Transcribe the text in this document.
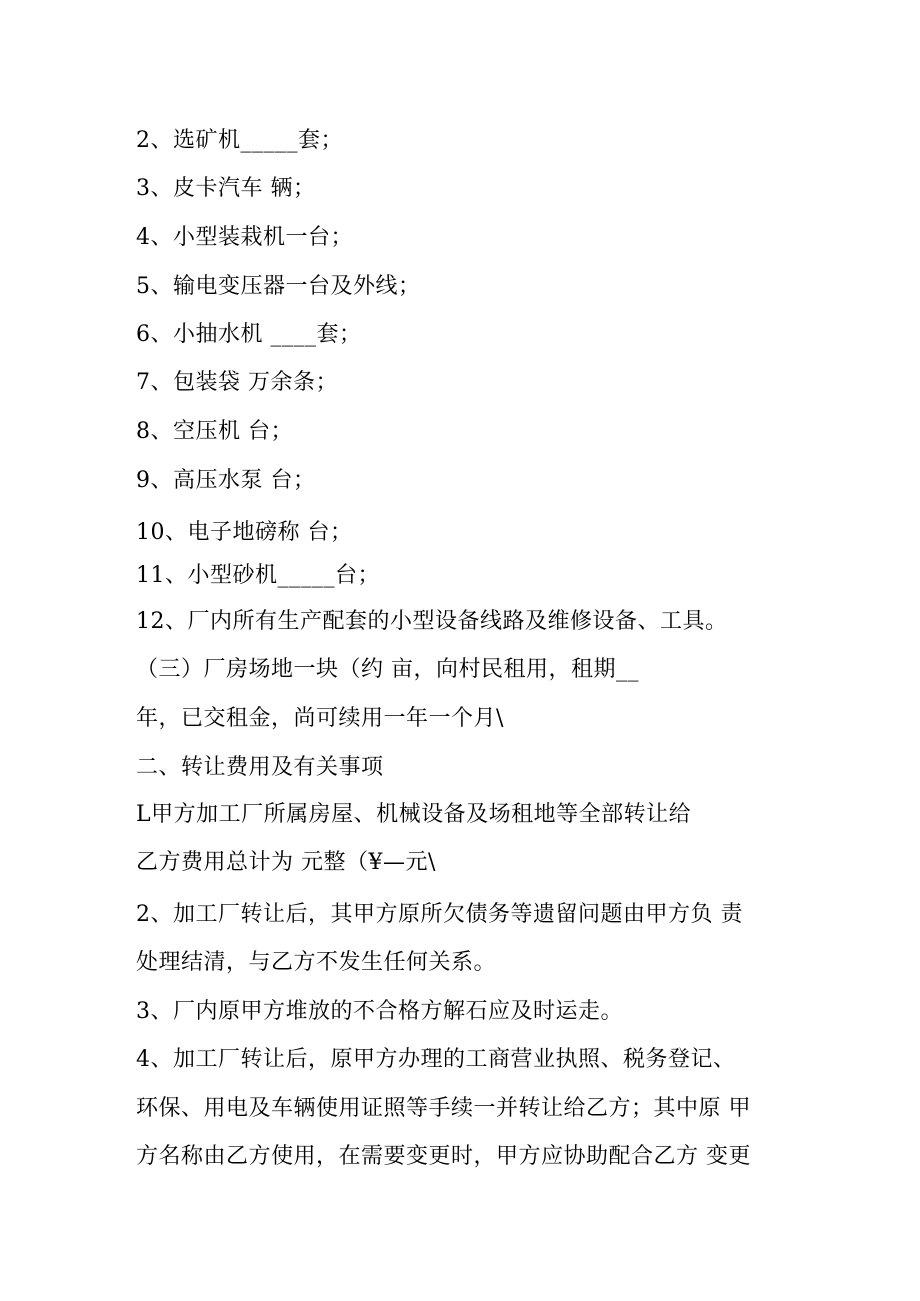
2、选矿机_____套；
3、皮卡汽车 辆；
4、小型装栽机一台；
5、输电变压器一台及外线；
6、小抽水机 ____套；
7、包装袋 万余条；
8、空压机 台；
9、高压水泵 台；
10、电子地磅称 台；
11、小型砂机_____台；
12、厂内所有生产配套的小型设备线路及维修设备、工具。
（三）厂房场地一块（约 亩，向村民租用，租期__
年，已交租金，尚可续用一年一个月\
二、转让费用及有关事项
L甲方加工厂所属房屋、机械设备及场租地等全部转让给
乙方费用总计为 元整（¥—元\
2、加工厂转让后，其甲方原所欠债务等遗留问题由甲方负 责
处理结清，与乙方不发生任何关系。
3、厂内原甲方堆放的不合格方解石应及时运走。
4、加工厂转让后，原甲方办理的工商营业执照、税务登记、
环保、用电及车辆使用证照等手续一并转让给乙方；其中原 甲
方名称由乙方使用，在需要变更时，甲方应协助配合乙方 变更
